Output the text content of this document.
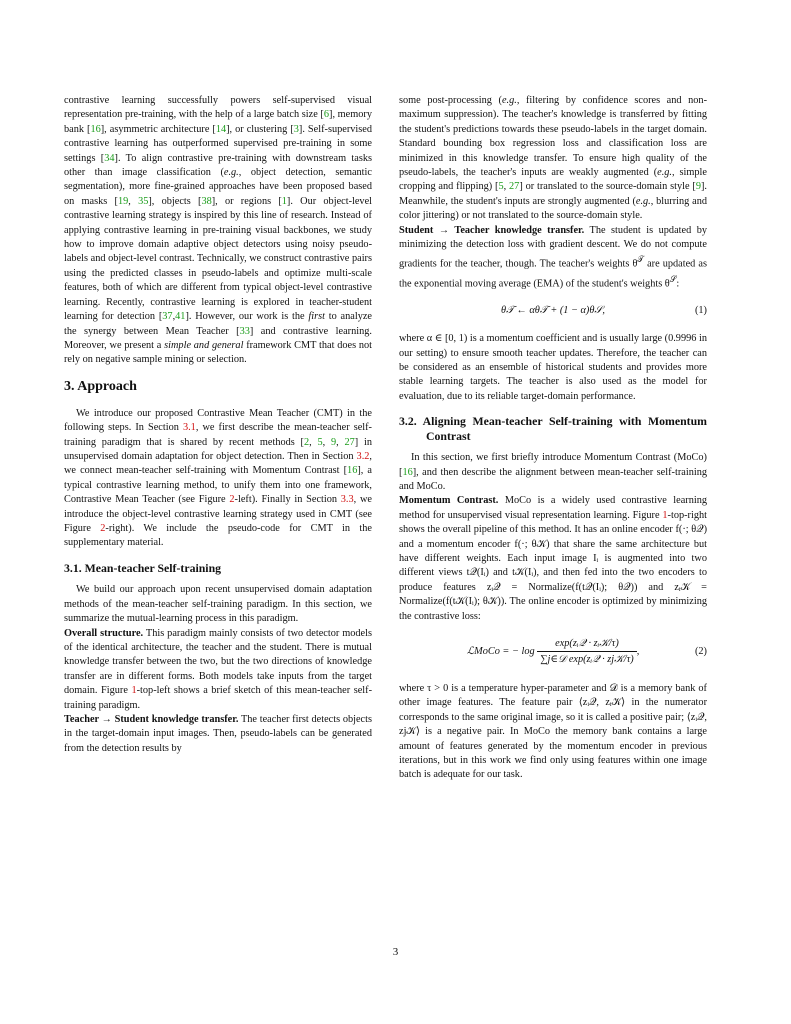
contrastive learning successfully powers self-supervised visual representation pre-training, with the help of a large batch size [6], memory bank [16], asymmetric architecture [14], or clustering [3]. Self-supervised contrastive learning has outperformed supervised pre-training in some settings [34]. To align contrastive pre-training with downstream tasks other than image classification (e.g., object detection, semantic segmentation), more fine-grained approaches have been proposed based on masks [19, 35], objects [38], or regions [1]. Our object-level contrastive learning strategy is inspired by this line of research. Instead of applying contrastive learning in pre-training visual backbones, we study how to improve domain adaptive object detectors using noisy pseudo-labels and object-level contrast. Technically, we construct contrastive pairs using the predicted classes in pseudo-labels and optimize multi-scale features, both of which are different from typical object-level contrastive learning. Recently, contrastive learning is explored in teacher-student learning for detection [37,41]. However, our work is the first to analyze the synergy between Mean Teacher [33] and contrastive learning. Moreover, we present a simple and general framework CMT that does not rely on negative sample mining or selection.

3. Approach

We introduce our proposed Contrastive Mean Teacher (CMT) in the following steps. In Section 3.1, we first describe the mean-teacher self-training paradigm that is shared by recent methods [2, 5, 9, 27] in unsupervised domain adaptation for object detection. Then in Section 3.2, we connect mean-teacher self-training with Momentum Contrast [16], a typical contrastive learning method, to unify them into one framework, Contrastive Mean Teacher (see Figure 2-left). Finally in Section 3.3, we introduce the object-level contrastive learning strategy used in CMT (see Figure 2-right). We include the pseudo-code for CMT in the supplementary material.

3.1. Mean-teacher Self-training

We build our approach upon recent unsupervised domain adaptation methods of the mean-teacher self-training paradigm. In this section, we summarize the mutual-learning process in this paradigm.

Overall structure. This paradigm mainly consists of two detector models of the identical architecture, the teacher and the student. There is mutual knowledge transfer between the two, but the two directions of knowledge transfer are in different forms. Both models take inputs from the target domain. Figure 1-top-left shows a brief sketch of this mean-teacher self-training paradigm.

Teacher → Student knowledge transfer. The teacher first detects objects in the target-domain input images. Then, pseudo-labels can be generated from the detection results by

some post-processing (e.g., filtering by confidence scores and non-maximum suppression). The teacher's knowledge is transferred by fitting the student's predictions towards these pseudo-labels in the target domain. Standard bounding box regression loss and classification loss are minimized in this knowledge transfer. To ensure high quality of the pseudo-labels, the teacher's inputs are weakly augmented (e.g., simple cropping and flipping) [5, 27] or translated to the source-domain style [9]. Meanwhile, the student's inputs are strongly augmented (e.g., blurring and color jittering) or not translated to the source-domain style.

Student → Teacher knowledge transfer. The student is updated by minimizing the detection loss with gradient descent. We do not compute gradients for the teacher, though. The teacher's weights $\theta^𝒯$ are updated as the exponential moving average (EMA) of the student's weights $\theta^𝒮$:

θ𝒯 ← αθ𝒯 + (1 − α)θ𝒮,	(1)

where α ∈ [0, 1) is a momentum coefficient and is usually large (0.9996 in our setting) to ensure smooth teacher updates. Therefore, the teacher can be considered as an ensemble of historical students and provides more stable learning targets. The teacher is also used as the model for evaluation, due to its reliable target-domain performance.

3.2. Aligning Mean-teacher Self-training with Momentum Contrast

In this section, we first briefly introduce Momentum Contrast (MoCo) [16], and then describe the alignment between mean-teacher self-training and MoCo.

Momentum Contrast. MoCo is a widely used contrastive learning method for unsupervised visual representation learning. Figure 1-top-right shows the overall pipeline of this method. It has an online encoder f(·; θ𝒬) and a momentum encoder f(·; θ𝒦) that share the same architecture but have different weights. Each input image Iᵢ is augmented into two different views t𝒬(Iᵢ) and t𝒦(Iᵢ), and then fed into the two encoders to produce features zᵢ𝒬 = Normalize(f(t𝒬(Iᵢ); θ𝒬)) and zᵢ𝒦 = Normalize(f(t𝒦(Iᵢ); θ𝒦)). The online encoder is optimized by minimizing the contrastive loss:

ℒMoCo = − $\log \frac{\text{exp(zᵢ𝒬 · zᵢ𝒦/τ)}}{\text{∑j∈𝒟 exp(zᵢ𝒬 · zj𝒦/τ)}}$ ,	(2)

where τ > 0 is a temperature hyper-parameter and 𝒟 is a memory bank of other image features. The feature pair ⟨zᵢ𝒬, zᵢ𝒦⟩ in the numerator corresponds to the same original image, so it is called a positive pair; ⟨zᵢ𝒬, zj𝒦⟩ is a negative pair. In MoCo the memory bank contains a large amount of features generated by the momentum encoder in previous iterations, but in this work we find only using features within one image batch is adequate for our task.

3
